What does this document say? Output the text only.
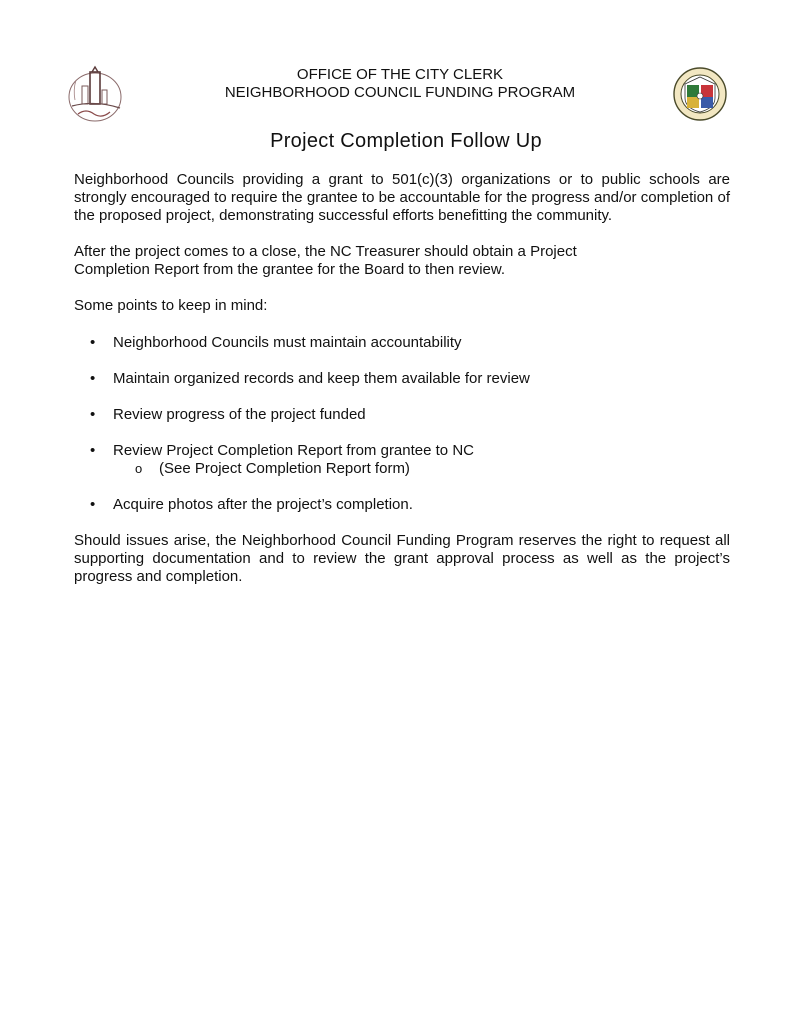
OFFICE OF THE CITY CLERK
NEIGHBORHOOD COUNCIL FUNDING PROGRAM
Project Completion Follow Up
Neighborhood Councils providing a grant to 501(c)(3) organizations or to public schools are strongly encouraged to require the grantee to be accountable for the progress and/or completion of the proposed project, demonstrating successful efforts benefitting the community.
After the project comes to a close, the NC Treasurer should obtain a Project Completion Report from the grantee for the Board to then review.
Some points to keep in mind:
• Neighborhood Councils must maintain accountability
• Maintain organized records and keep them available for review
• Review progress of the project funded
• Review Project Completion Report from grantee to NC
o (See Project Completion Report form)
• Acquire photos after the project’s completion.
Should issues arise, the Neighborhood Council Funding Program reserves the right to request all supporting documentation and to review the grant approval process as well as the project’s progress and completion.
